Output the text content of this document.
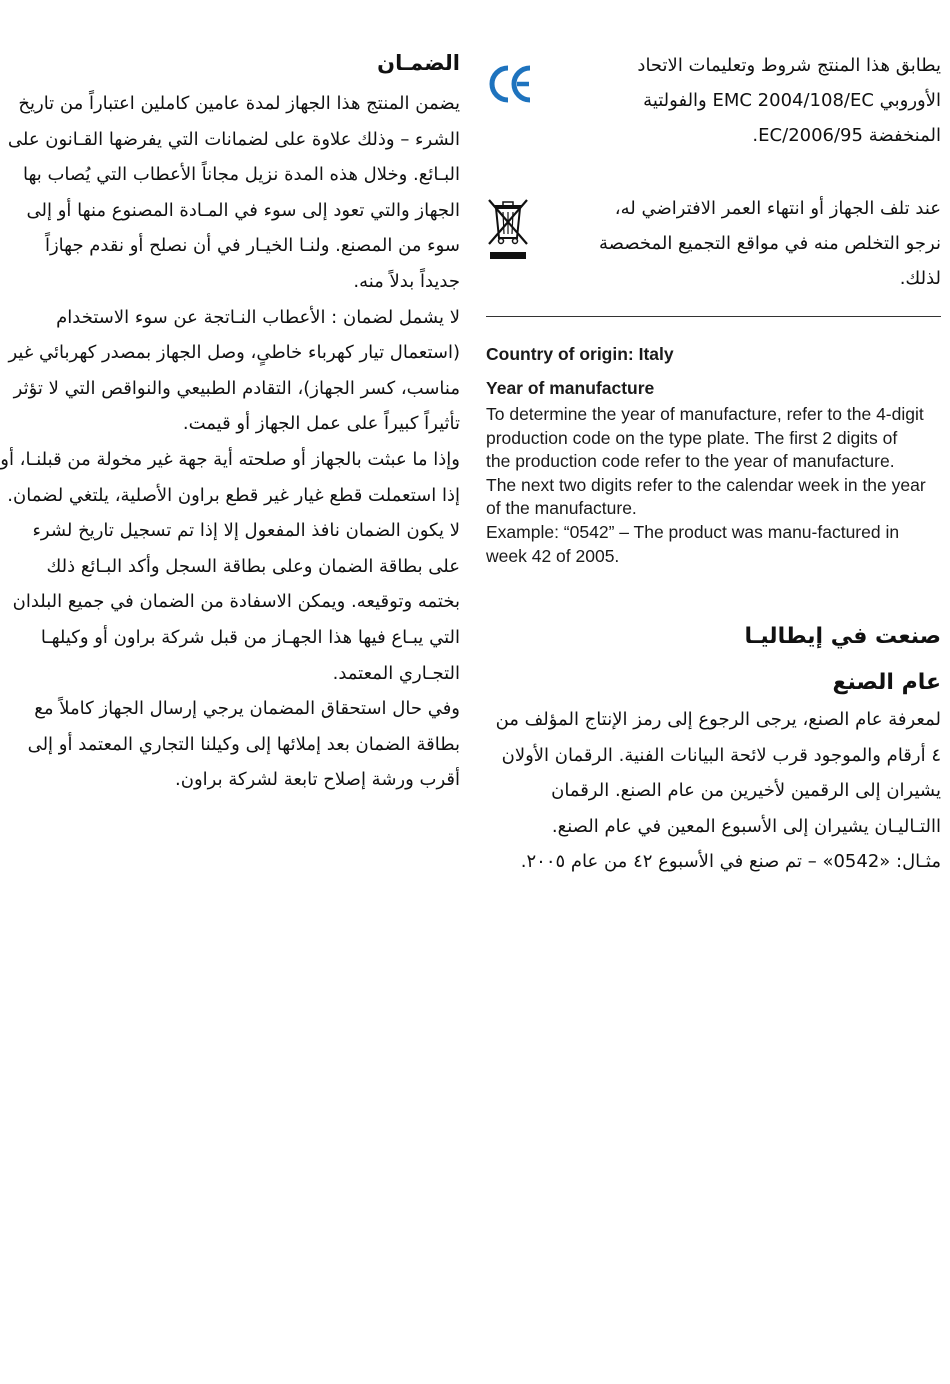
الضمـان

يضمن المنتج هذا الجهاز لمدة عامين كاملين اعتباراً من تاريخ الشرء – وذلك علاوة على لضمانات التي يفرضها القـانون على البـائع. وخلال هذه المدة نزيل مجاناً الأعطاب التي يُصاب بها الجهاز والتي تعود إلى سوء في المـادة المصنوع منها أو إلى سوء من المصنع. ولنـا الخيـار في أن نصلح أو نقدم جهازاً جديداً بدلاً منه.

لا يشمل لضمان : الأعطاب النـاتجة عن سوء الاستخدام (استعمال تيار كهرباء خاطىٍ، وصل الجهاز بمصدر كهربائي غير مناسب، كسر الجهاز)، التقادم الطبيعي والنواقص التي لا تؤثر تأثيراً كبيراً على عمل الجهاز أو قيمت.

وإذا ما عبثت بالجهاز أو صلحته أية جهة غير مخولة من قبلنـا، أو إذا استعملت قطع غيار غير قطع براون الأصلية، يلتغي لضمان.

لا يكون الضمان نافذ المفعول إلا إذا تم تسجيل تاريخ لشرء على بطاقة الضمان وعلى بطاقة السجل وأكد البـائع ذلك بختمه وتوقيعه. ويمكن الاسفادة من الضمان في جميع البلدان التي يبـاع فيها هذا الجهـاز من قبل شركة براون أو وكيلهـا التجـاري المعتمد.

وفي حال استحقاق المضمان يرجي إرسال الجهاز كاملاً مع بطاقة الضمان بعد إملائها إلى وكيلنا التجاري المعتمد أو إلى أقرب ورشة إصلاح تابعة لشركة براون.

يطابق هذا المنتج شروط وتعليمات الاتحاد الأوروبي EMC 2004/108/EC والفولتية المنخفضة 2006/95/EC.

عند تلف الجهاز أو انتهاء العمر الافتراضي له، نرجو التخلص منه في مواقع التجميع المخصصة لذلك.

Country of origin: Italy
Year of manufacture

To determine the year of manufacture, refer to the 4-digit production code on the type plate. The first 2 digits of the production code refer to the year of manufacture. The next two digits refer to the calendar week in the year of the manufacture.

Example: “0542” – The product was manu-factured in week 42 of 2005.

صنعت في إيطاليـا
عام الصنع

لمعرفة عام الصنع، يرجى الرجوع إلى رمز الإنتاج المؤلف من ٤ أرقام والموجود قرب لائحة البيانات الفنية. الرقمان الأولان يشيران إلى الرقمين لأخيرين من عام الصنع. الرقمان االتـاليـان يشيران إلى الأسبوع المعين في عام الصنع.

مثـال: «0542» – تم صنع في الأسبوع ٤٢ من عام ٢٠٠٥.
